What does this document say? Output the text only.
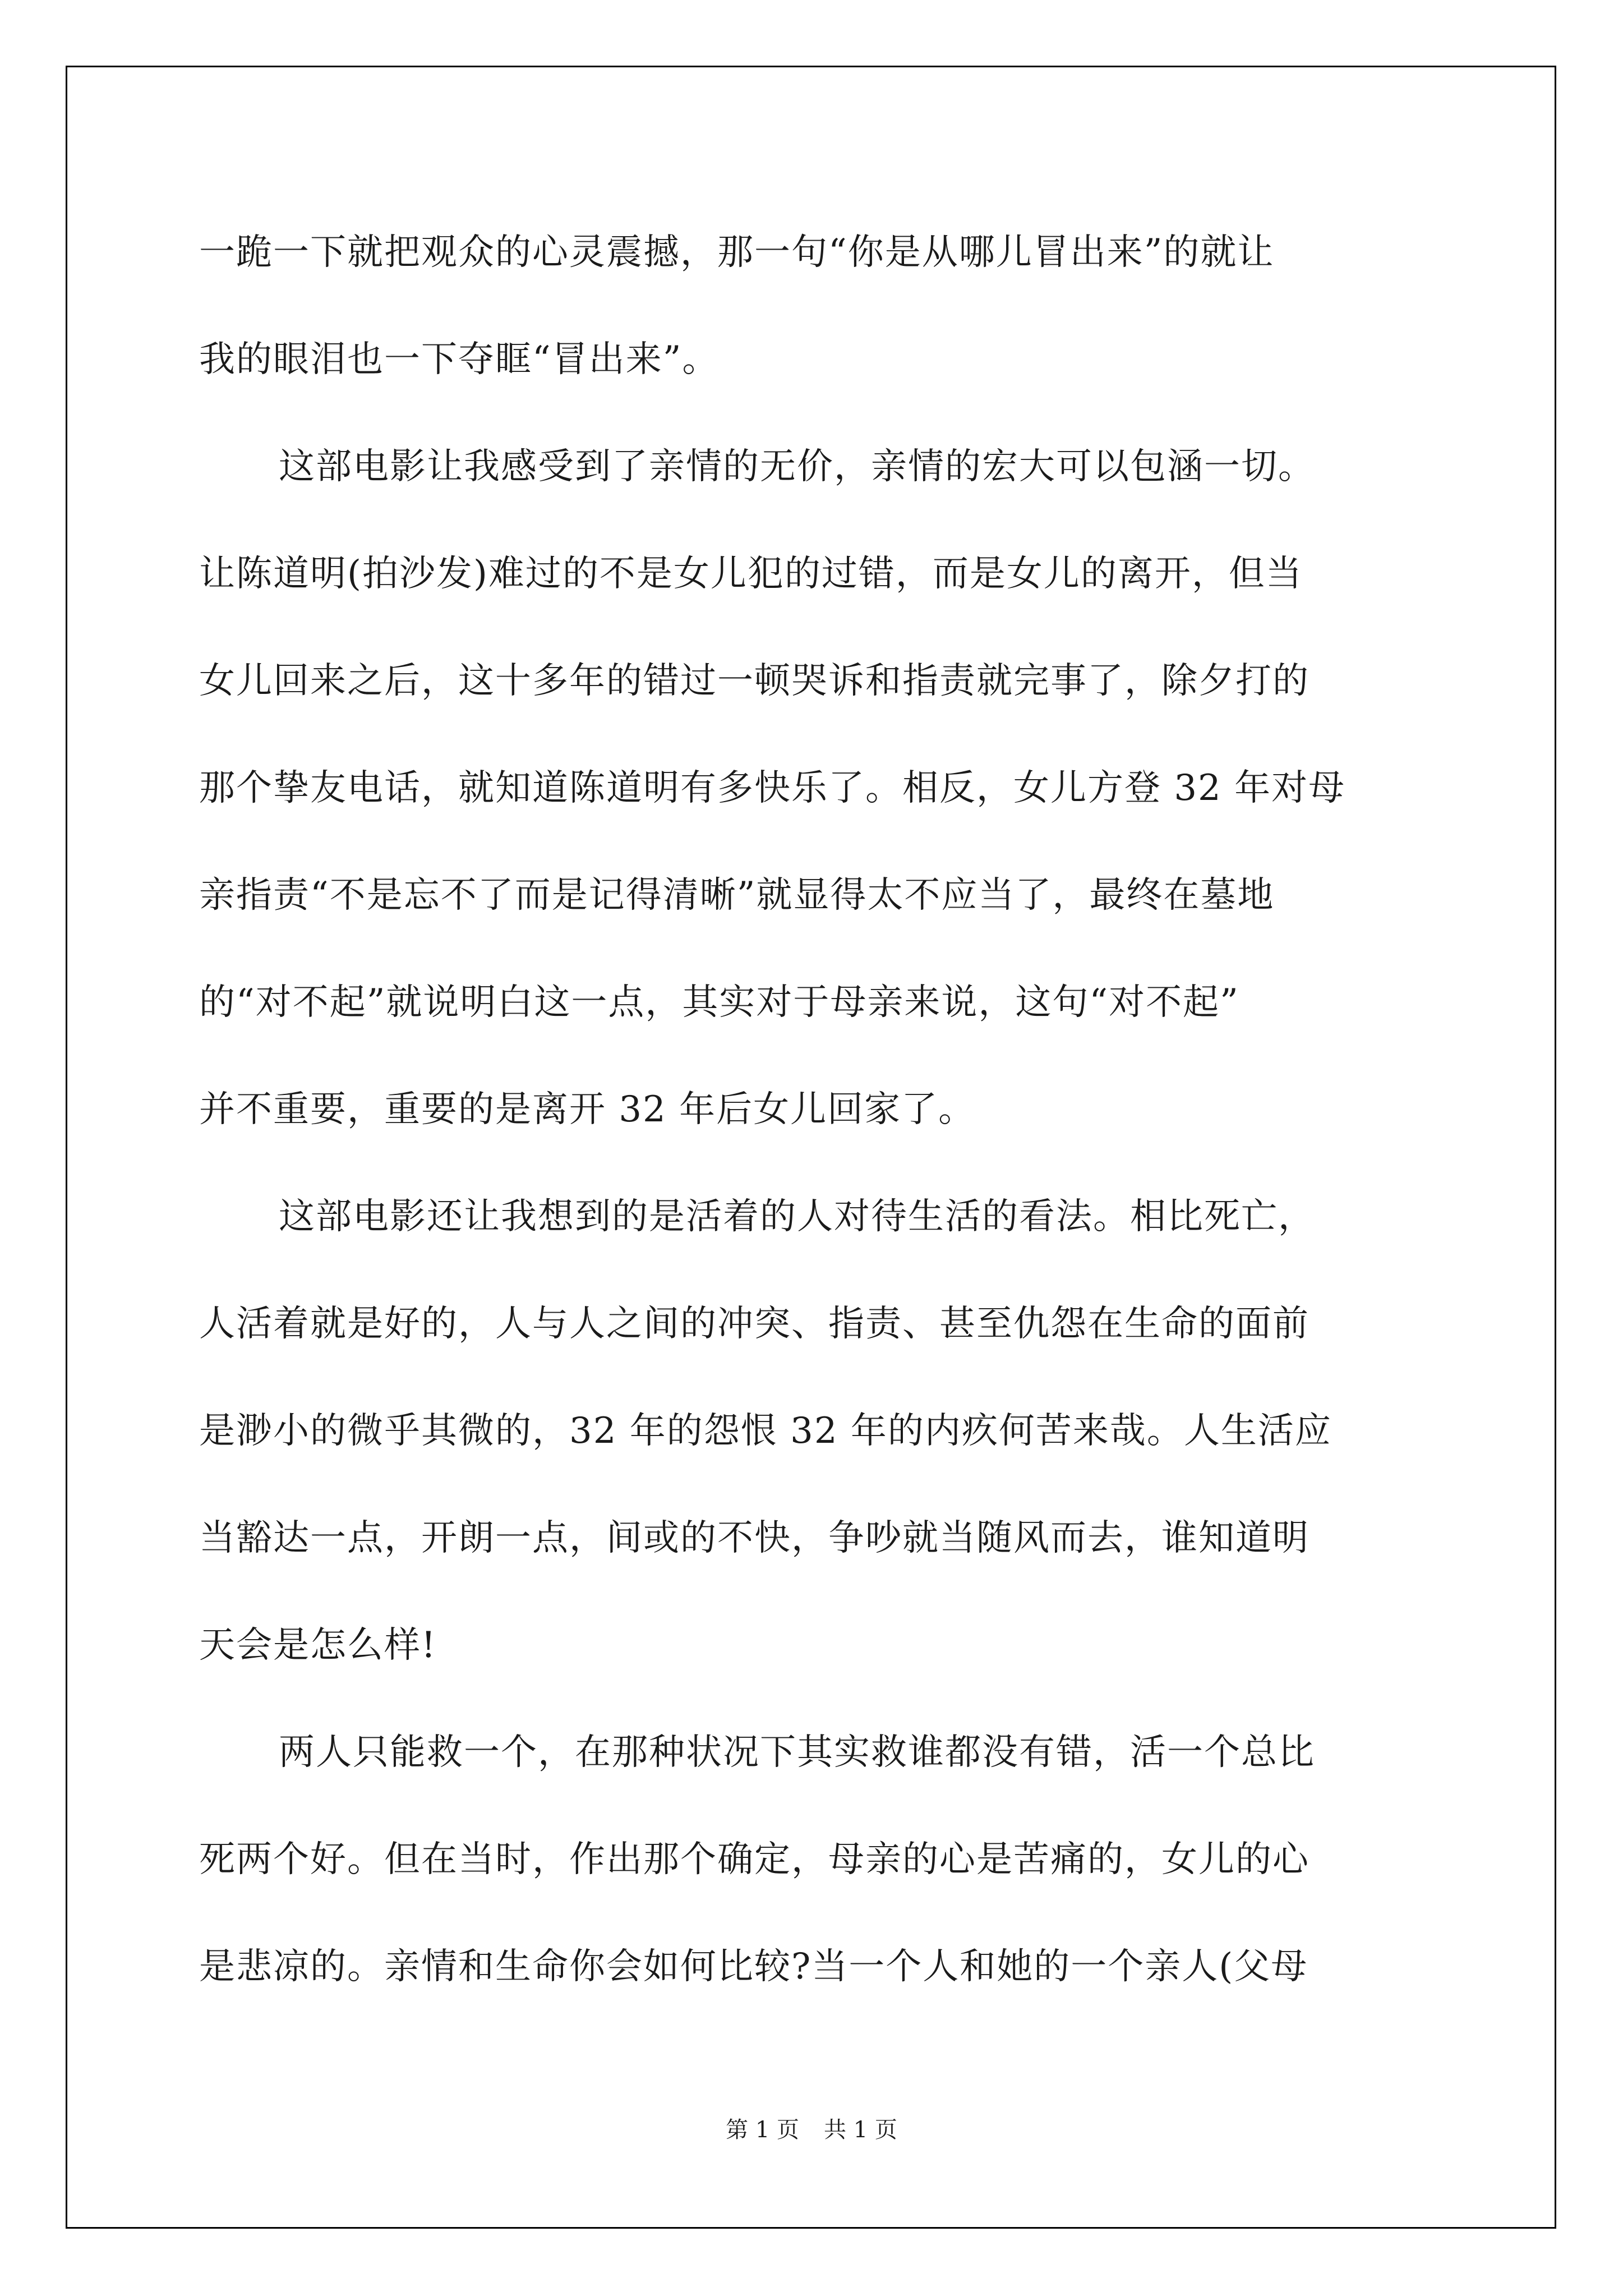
一跪一下就把观众的心灵震撼，那一句“你是从哪儿冒出来”的就让
我的眼泪也一下夺眶“冒出来”。
这部电影让我感受到了亲情的无价，亲情的宏大可以包涵一切。
让陈道明(拍沙发)难过的不是女儿犯的过错，而是女儿的离开，但当
女儿回来之后，这十多年的错过一顿哭诉和指责就完事了，除夕打的
那个挚友电话，就知道陈道明有多快乐了。相反，女儿方登 32 年对母
亲指责“不是忘不了而是记得清晰”就显得太不应当了，最终在墓地
的“对不起”就说明白这一点，其实对于母亲来说，这句“对不起”
并不重要，重要的是离开 32 年后女儿回家了。
这部电影还让我想到的是活着的人对待生活的看法。相比死亡，
人活着就是好的，人与人之间的冲突、指责、甚至仇怨在生命的面前
是渺小的微乎其微的，32 年的怨恨 32 年的内疚何苦来哉。人生活应
当豁达一点，开朗一点，间或的不快，争吵就当随风而去，谁知道明
天会是怎么样!
两人只能救一个，在那种状况下其实救谁都没有错，活一个总比
死两个好。但在当时，作出那个确定，母亲的心是苦痛的，女儿的心
是悲凉的。亲情和生命你会如何比较?当一个人和她的一个亲人(父母
第 1 页 共 1 页
